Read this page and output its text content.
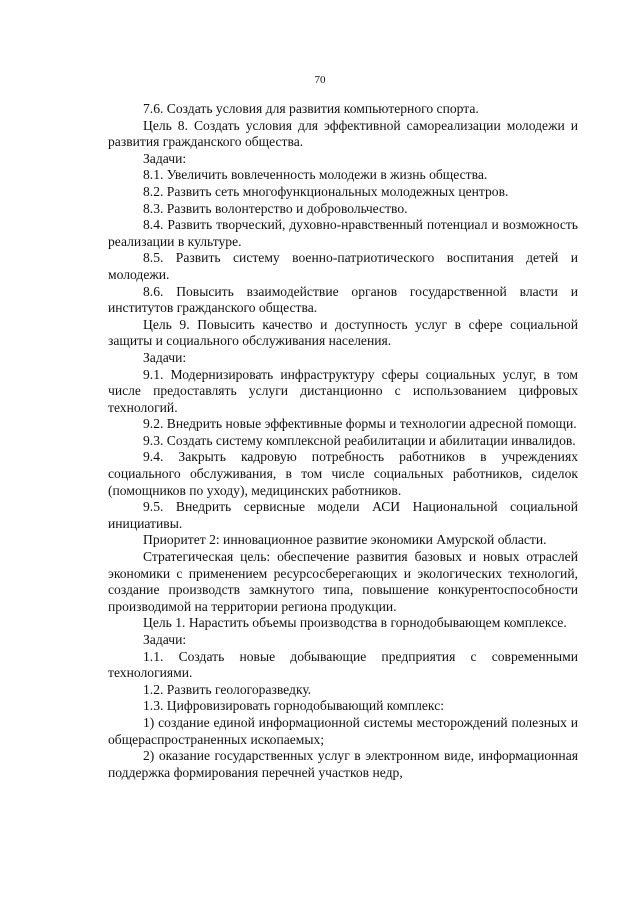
70

7.6. Создать условия для развития компьютерного спорта.

Цель 8. Создать условия для эффективной самореализации молодежи и развития гражданского общества.

Задачи:

8.1. Увеличить вовлеченность молодежи в жизнь общества.

8.2. Развить сеть многофункциональных молодежных центров.

8.3. Развить волонтерство и добровольчество.

8.4. Развить творческий, духовно-нравственный потенциал и возможность реализации в культуре.

8.5. Развить систему военно-патриотического воспитания детей и молодежи.

8.6. Повысить взаимодействие органов государственной власти и институтов гражданского общества.

Цель 9. Повысить качество и доступность услуг в сфере социальной защиты и социального обслуживания населения.

Задачи:

9.1. Модернизировать инфраструктуру сферы социальных услуг, в том числе предоставлять услуги дистанционно с использованием цифровых технологий.

9.2. Внедрить новые эффективные формы и технологии адресной помощи.

9.3. Создать систему комплексной реабилитации и абилитации инвалидов.

9.4. Закрыть кадровую потребность работников в учреждениях социального обслуживания, в том числе социальных работников, сиделок (помощников по уходу), медицинских работников.

9.5. Внедрить сервисные модели АСИ Национальной социальной инициативы.

Приоритет 2: инновационное развитие экономики Амурской области.

Стратегическая цель: обеспечение развития базовых и новых отраслей экономики с применением ресурсосберегающих и экологических технологий, создание производств замкнутого типа, повышение конкурентоспособности производимой на территории региона продукции.

Цель 1. Нарастить объемы производства в горнодобывающем комплексе.

Задачи:

1.1. Создать новые добывающие предприятия с современными технологиями.

1.2. Развить геологоразведку.

1.3. Цифровизировать горнодобывающий комплекс:

1) создание единой информационной системы месторождений полезных и общераспространенных ископаемых;

2) оказание государственных услуг в электронном виде, информационная поддержка формирования перечней участков недр,
